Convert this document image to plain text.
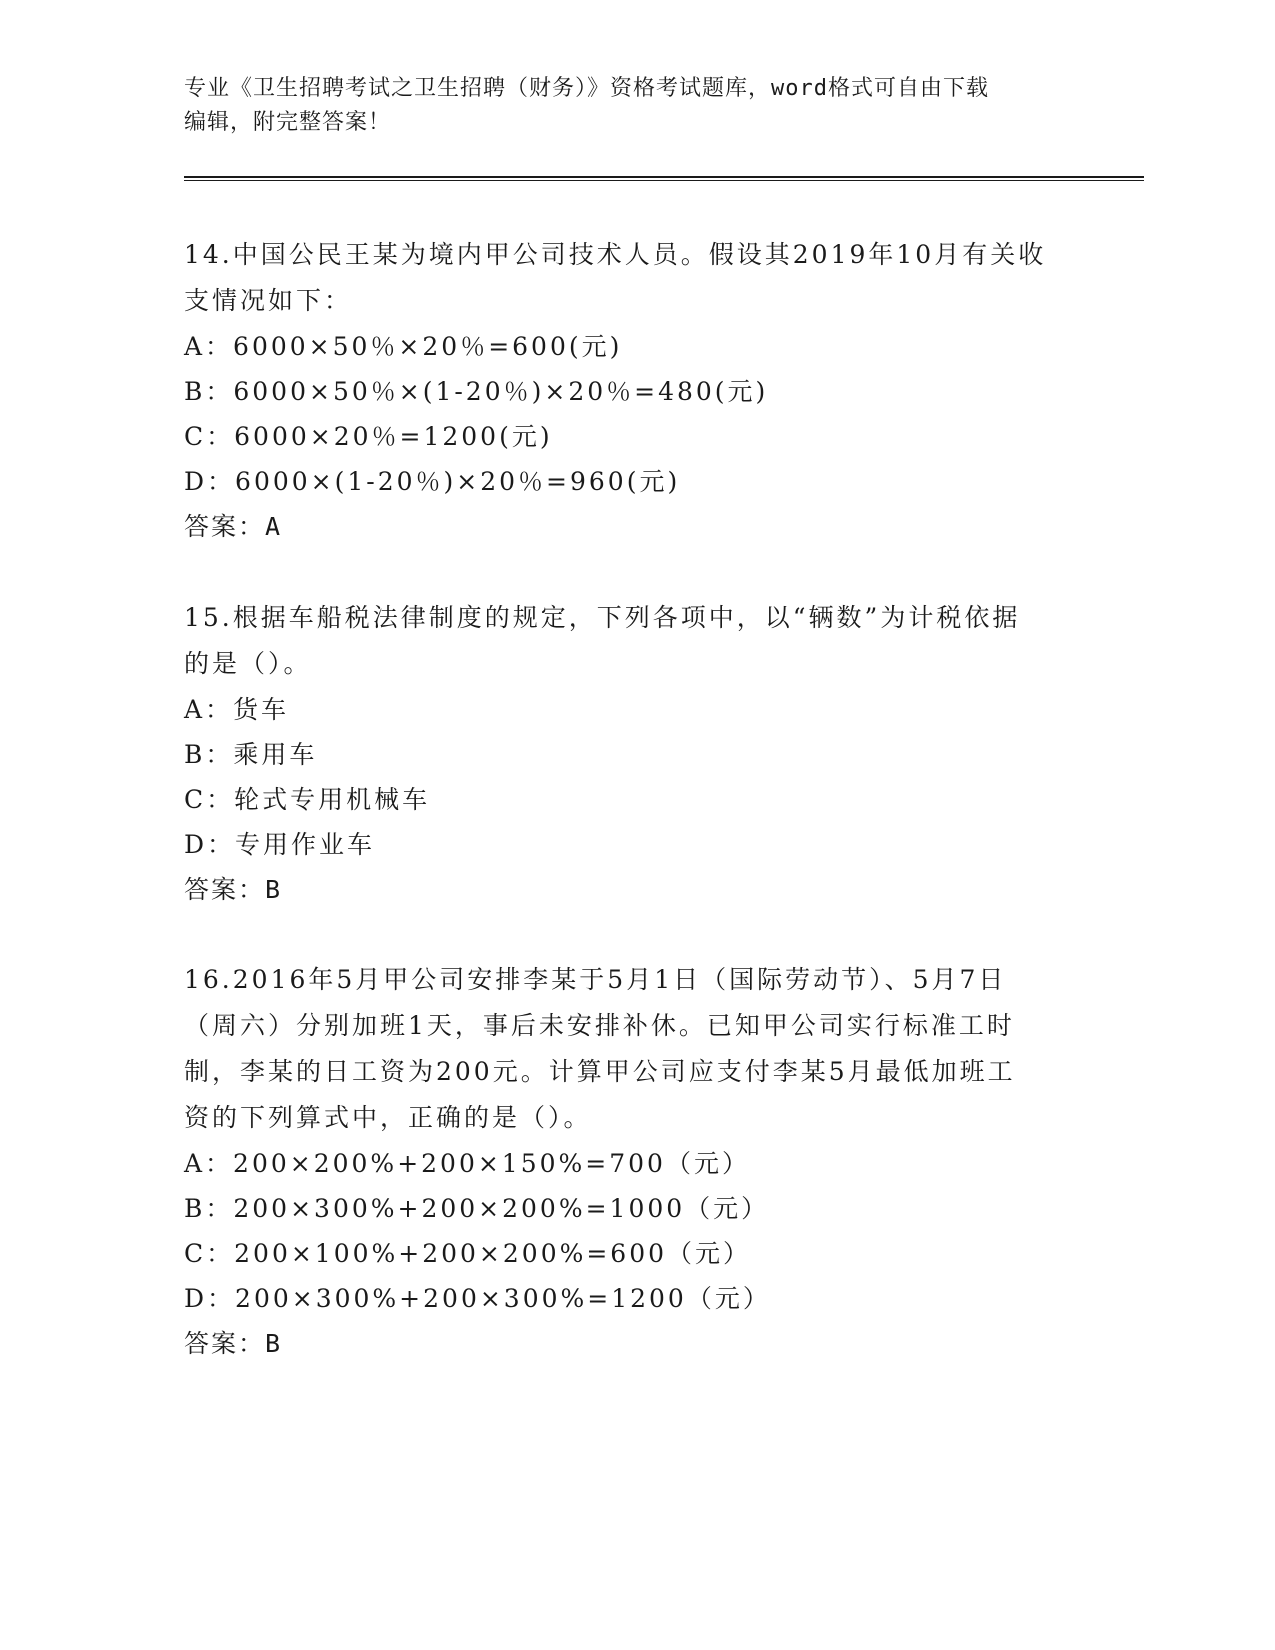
专业《卫生招聘考试之卫生招聘（财务）》资格考试题库，word格式可自由下载
编辑，附完整答案！
14.中国公民王某为境内甲公司技术人员。假设其2019年10月有关收
支情况如下：
A：6000×50％×20％=600(元)
B：6000×50％×(1-20％)×20％=480(元)
C：6000×20％=1200(元)
D：6000×(1-20％)×20％=960(元)
答案：A
15.根据车船税法律制度的规定，下列各项中，以“辆数”为计税依据
的是（）。
A：货车
B：乘用车
C：轮式专用机械车
D：专用作业车
答案：B
16.2016年5月甲公司安排李某于5月1日（国际劳动节）、5月7日
（周六）分别加班1天，事后未安排补休。已知甲公司实行标准工时
制，李某的日工资为200元。计算甲公司应支付李某5月最低加班工
资的下列算式中，正确的是（）。
A：200×200%+200×150%=700（元）
B：200×300%+200×200%=1000（元）
C：200×100%+200×200%=600（元）
D：200×300%+200×300%=1200（元）
答案：B
